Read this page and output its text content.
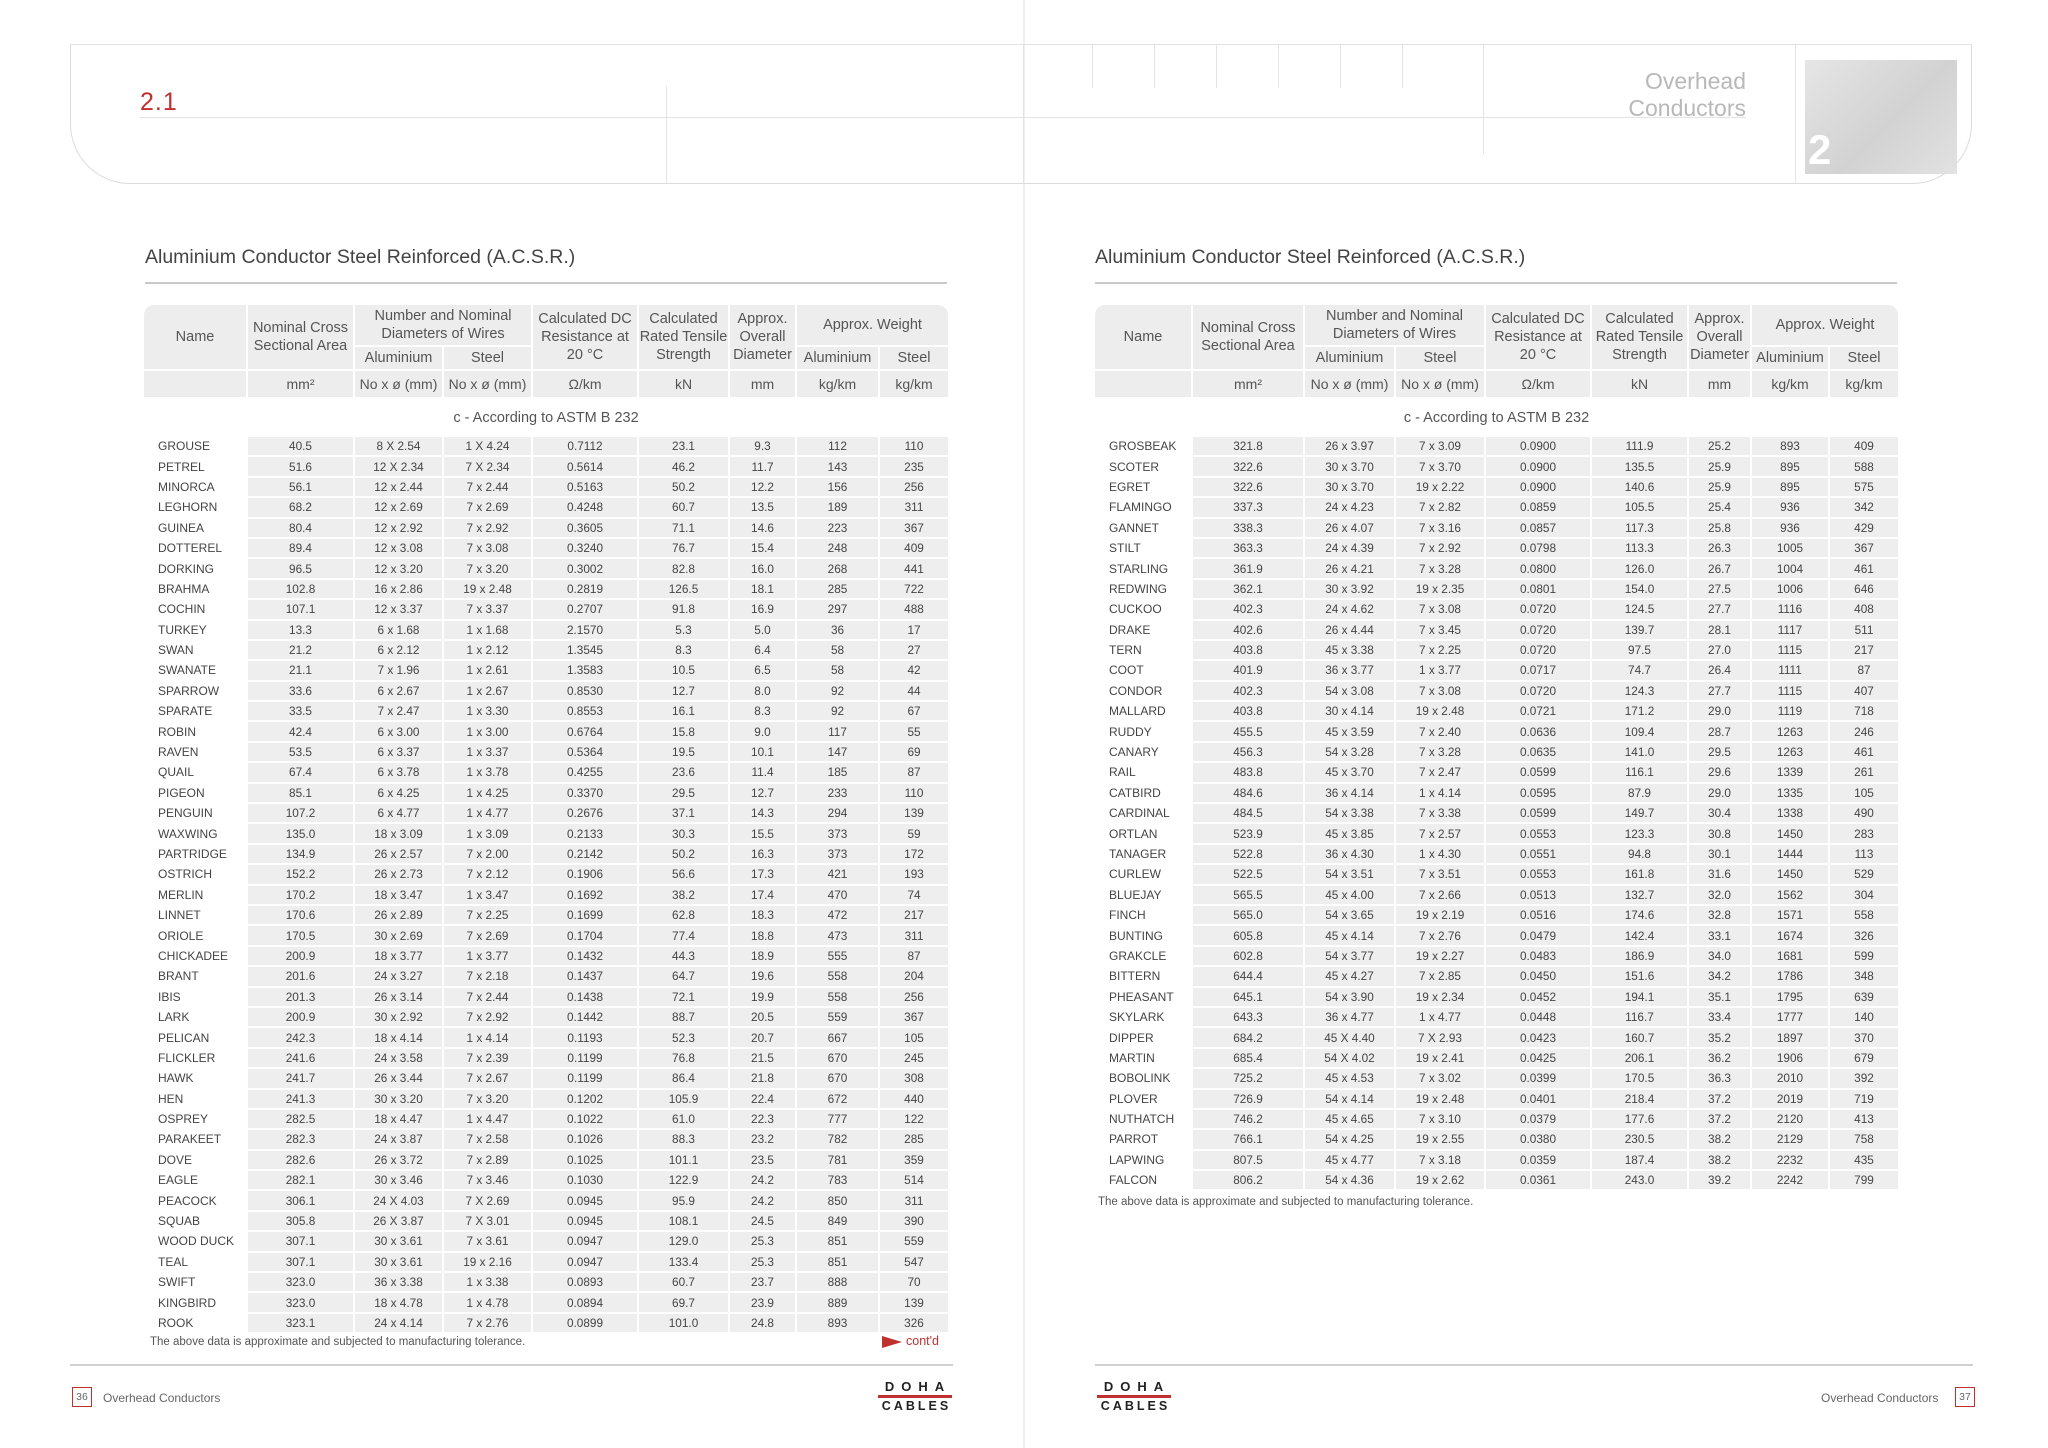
2.1
Overhead Conductors
2
Aluminium Conductor Steel Reinforced (A.C.S.R.)
Name	Nominal Cross Sectional Area	Number and Nominal Diameters of Wires		Calculated DC Resistance at 20 °C	Calculated Rated Tensile Strength	Approx. Overall Diameter	Approx. Weight	
		Aluminium	Steel				Aluminium	Steel
	mm²	No x ø (mm)	No x ø (mm)	Ω/km	kN	mm	kg/km	kg/km
c - According to ASTM B 232								
GROUSE	40.5	8 X 2.54	1 X 4.24	0.7112	23.1	9.3	112	110
PETREL	51.6	12 X 2.34	7 X 2.34	0.5614	46.2	11.7	143	235
MINORCA	56.1	12 x 2.44	7 x 2.44	0.5163	50.2	12.2	156	256
LEGHORN	68.2	12 x 2.69	7 x 2.69	0.4248	60.7	13.5	189	311
GUINEA	80.4	12 x 2.92	7 x 2.92	0.3605	71.1	14.6	223	367
DOTTEREL	89.4	12 x 3.08	7 x 3.08	0.3240	76.7	15.4	248	409
DORKING	96.5	12 x 3.20	7 x 3.20	0.3002	82.8	16.0	268	441
BRAHMA	102.8	16 x 2.86	19 x 2.48	0.2819	126.5	18.1	285	722
COCHIN	107.1	12 x 3.37	7 x 3.37	0.2707	91.8	16.9	297	488
TURKEY	13.3	6 x 1.68	1 x 1.68	2.1570	5.3	5.0	36	17
SWAN	21.2	6 x 2.12	1 x 2.12	1.3545	8.3	6.4	58	27
SWANATE	21.1	7 x 1.96	1 x 2.61	1.3583	10.5	6.5	58	42
SPARROW	33.6	6 x 2.67	1 x 2.67	0.8530	12.7	8.0	92	44
SPARATE	33.5	7 x 2.47	1 x 3.30	0.8553	16.1	8.3	92	67
ROBIN	42.4	6 x 3.00	1 x 3.00	0.6764	15.8	9.0	117	55
RAVEN	53.5	6 x 3.37	1 x 3.37	0.5364	19.5	10.1	147	69
QUAIL	67.4	6 x 3.78	1 x 3.78	0.4255	23.6	11.4	185	87
PIGEON	85.1	6 x 4.25	1 x 4.25	0.3370	29.5	12.7	233	110
PENGUIN	107.2	6 x 4.77	1 x 4.77	0.2676	37.1	14.3	294	139
WAXWING	135.0	18 x 3.09	1 x 3.09	0.2133	30.3	15.5	373	59
PARTRIDGE	134.9	26 x 2.57	7 x 2.00	0.2142	50.2	16.3	373	172
OSTRICH	152.2	26 x 2.73	7 x 2.12	0.1906	56.6	17.3	421	193
MERLIN	170.2	18 x 3.47	1 x 3.47	0.1692	38.2	17.4	470	74
LINNET	170.6	26 x 2.89	7 x 2.25	0.1699	62.8	18.3	472	217
ORIOLE	170.5	30 x 2.69	7 x 2.69	0.1704	77.4	18.8	473	311
CHICKADEE	200.9	18 x 3.77	1 x 3.77	0.1432	44.3	18.9	555	87
BRANT	201.6	24 x 3.27	7 x 2.18	0.1437	64.7	19.6	558	204
IBIS	201.3	26 x 3.14	7 x 2.44	0.1438	72.1	19.9	558	256
LARK	200.9	30 x 2.92	7 x 2.92	0.1442	88.7	20.5	559	367
PELICAN	242.3	18 x 4.14	1 x 4.14	0.1193	52.3	20.7	667	105
FLICKLER	241.6	24 x 3.58	7 x 2.39	0.1199	76.8	21.5	670	245
HAWK	241.7	26 x 3.44	7 x 2.67	0.1199	86.4	21.8	670	308
HEN	241.3	30 x 3.20	7 x 3.20	0.1202	105.9	22.4	672	440
OSPREY	282.5	18 x 4.47	1 x 4.47	0.1022	61.0	22.3	777	122
PARAKEET	282.3	24 x 3.87	7 x 2.58	0.1026	88.3	23.2	782	285
DOVE	282.6	26 x 3.72	7 x 2.89	0.1025	101.1	23.5	781	359
EAGLE	282.1	30 x 3.46	7 x 3.46	0.1030	122.9	24.2	783	514
PEACOCK	306.1	24 X 4.03	7 X 2.69	0.0945	95.9	24.2	850	311
SQUAB	305.8	26 X 3.87	7 X 3.01	0.0945	108.1	24.5	849	390
WOOD DUCK	307.1	30 x 3.61	7 x 3.61	0.0947	129.0	25.3	851	559
TEAL	307.1	30 x 3.61	19 x 2.16	0.0947	133.4	25.3	851	547
SWIFT	323.0	36 x 3.38	1 x 3.38	0.0893	60.7	23.7	888	70
KINGBIRD	323.0	18 x 4.78	1 x 4.78	0.0894	69.7	23.9	889	139
ROOK	323.1	24 x 4.14	7 x 2.76	0.0899	101.0	24.8	893	326
The above data is approximate and subjected to manufacturing tolerance.	cont'd
36	Overhead Conductors
DOHA
CABLES
Aluminium Conductor Steel Reinforced (A.C.S.R.)
Name	Nominal Cross Sectional Area	Number and Nominal Diameters of Wires		Calculated DC Resistance at 20 °C	Calculated Rated Tensile Strength	Approx. Overall Diameter	Approx. Weight	
		Aluminium	Steel				Aluminium	Steel
	mm²	No x ø (mm)	No x ø (mm)	Ω/km	kN	mm	kg/km	kg/km
c - According to ASTM B 232								
GROSBEAK	321.8	26 x 3.97	7 x 3.09	0.0900	111.9	25.2	893	409
SCOTER	322.6	30 x 3.70	7 x 3.70	0.0900	135.5	25.9	895	588
EGRET	322.6	30 x 3.70	19 x 2.22	0.0900	140.6	25.9	895	575
FLAMINGO	337.3	24 x 4.23	7 x 2.82	0.0859	105.5	25.4	936	342
GANNET	338.3	26 x 4.07	7 x 3.16	0.0857	117.3	25.8	936	429
STILT	363.3	24 x 4.39	7 x 2.92	0.0798	113.3	26.3	1005	367
STARLING	361.9	26 x 4.21	7 x 3.28	0.0800	126.0	26.7	1004	461
REDWING	362.1	30 x 3.92	19 x 2.35	0.0801	154.0	27.5	1006	646
CUCKOO	402.3	24 x 4.62	7 x 3.08	0.0720	124.5	27.7	1116	408
DRAKE	402.6	26 x 4.44	7 x 3.45	0.0720	139.7	28.1	1117	511
TERN	403.8	45 x 3.38	7 x 2.25	0.0720	97.5	27.0	1115	217
COOT	401.9	36 x 3.77	1 x 3.77	0.0717	74.7	26.4	1111	87
CONDOR	402.3	54 x 3.08	7 x 3.08	0.0720	124.3	27.7	1115	407
MALLARD	403.8	30 x 4.14	19 x 2.48	0.0721	171.2	29.0	1119	718
RUDDY	455.5	45 x 3.59	7 x 2.40	0.0636	109.4	28.7	1263	246
CANARY	456.3	54 x 3.28	7 x 3.28	0.0635	141.0	29.5	1263	461
RAIL	483.8	45 x 3.70	7 x 2.47	0.0599	116.1	29.6	1339	261
CATBIRD	484.6	36 x 4.14	1 x 4.14	0.0595	87.9	29.0	1335	105
CARDINAL	484.5	54 x 3.38	7 x 3.38	0.0599	149.7	30.4	1338	490
ORTLAN	523.9	45 x 3.85	7 x 2.57	0.0553	123.3	30.8	1450	283
TANAGER	522.8	36 x 4.30	1 x 4.30	0.0551	94.8	30.1	1444	113
CURLEW	522.5	54 x 3.51	7 x 3.51	0.0553	161.8	31.6	1450	529
BLUEJAY	565.5	45 x 4.00	7 x 2.66	0.0513	132.7	32.0	1562	304
FINCH	565.0	54 x 3.65	19 x 2.19	0.0516	174.6	32.8	1571	558
BUNTING	605.8	45 x 4.14	7 x 2.76	0.0479	142.4	33.1	1674	326
GRAKCLE	602.8	54 x 3.77	19 x 2.27	0.0483	186.9	34.0	1681	599
BITTERN	644.4	45 x 4.27	7 x 2.85	0.0450	151.6	34.2	1786	348
PHEASANT	645.1	54 x 3.90	19 x 2.34	0.0452	194.1	35.1	1795	639
SKYLARK	643.3	36 x 4.77	1 x 4.77	0.0448	116.7	33.4	1777	140
DIPPER	684.2	45 X 4.40	7 X 2.93	0.0423	160.7	35.2	1897	370
MARTIN	685.4	54 X 4.02	19 x 2.41	0.0425	206.1	36.2	1906	679
BOBOLINK	725.2	45 x 4.53	7 x 3.02	0.0399	170.5	36.3	2010	392
PLOVER	726.9	54 x 4.14	19 x 2.48	0.0401	218.4	37.2	2019	719
NUTHATCH	746.2	45 x 4.65	7 x 3.10	0.0379	177.6	37.2	2120	413
PARROT	766.1	54 x 4.25	19 x 2.55	0.0380	230.5	38.2	2129	758
LAPWING	807.5	45 x 4.77	7 x 3.18	0.0359	187.4	38.2	2232	435
FALCON	806.2	54 x 4.36	19 x 2.62	0.0361	243.0	39.2	2242	799
The above data is approximate and subjected to manufacturing tolerance.
DOHA
CABLES
Overhead Conductors	37
